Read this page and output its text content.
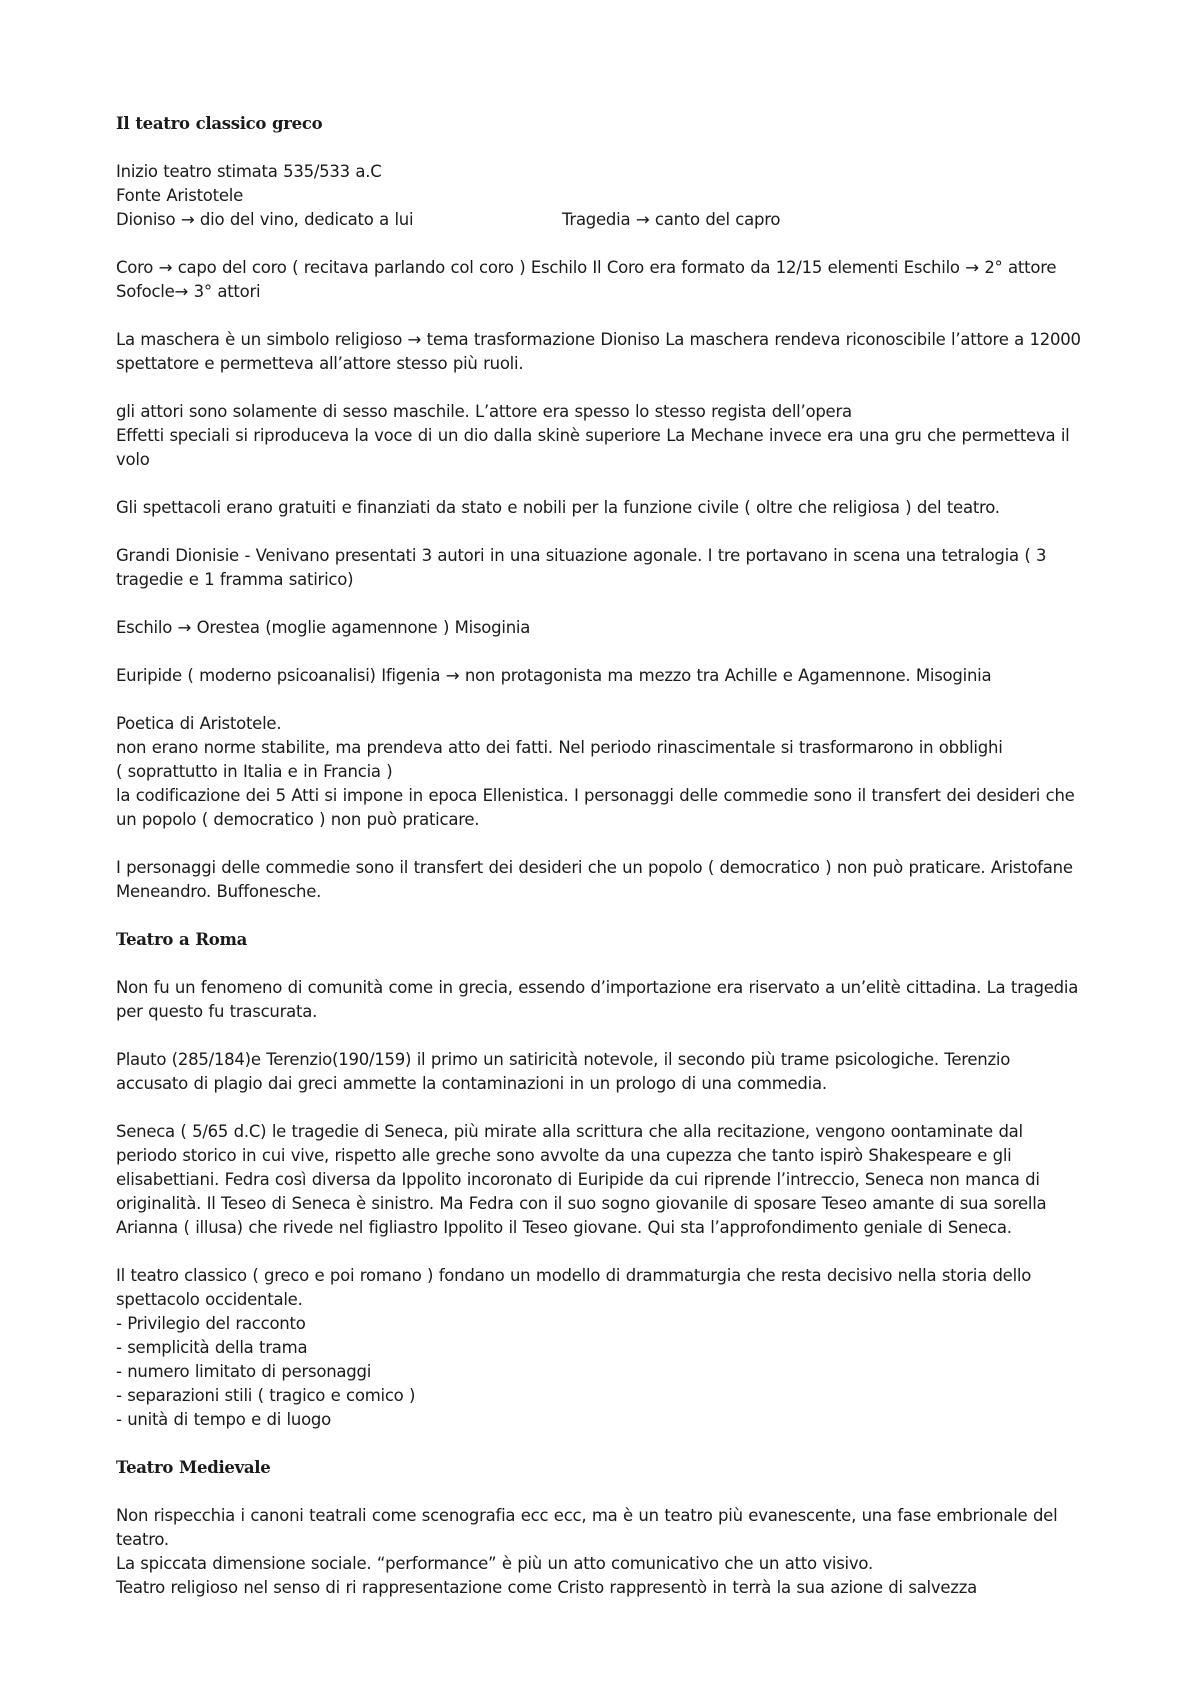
Il teatro classico greco

Inizio teatro stimata 535/533 a.C
Fonte Aristotele
Dioniso → dio del vino, dedicato a lui	Tragedia → canto del capro

Coro → capo del coro ( recitava parlando col coro ) Eschilo Il Coro era formato da 12/15 elementi Eschilo → 2° attore Sofocle→ 3° attori

La maschera è un simbolo religioso → tema trasformazione Dioniso La maschera rendeva riconoscibile l’attore a 12000 spettatore e permetteva all’attore stesso più ruoli.

gli attori sono solamente di sesso maschile. L’attore era spesso lo stesso regista dell’opera
Effetti speciali si riproduceva la voce di un dio dalla skinè superiore La Mechane invece era una gru che permetteva il volo

Gli spettacoli erano gratuiti e finanziati da stato e nobili per la funzione civile ( oltre che religiosa ) del teatro.

Grandi Dionisie - Venivano presentati 3 autori in una situazione agonale. I tre portavano in scena una tetralogia ( 3 tragedie e 1 framma satirico)

Eschilo → Orestea (moglie agamennone ) Misoginia

Euripide ( moderno psicoanalisi) Ifigenia → non protagonista ma mezzo tra Achille e Agamennone. Misoginia

Poetica di Aristotele.
non erano norme stabilite, ma prendeva atto dei fatti. Nel periodo rinascimentale si trasformarono in obblighi
( soprattutto in Italia e in Francia )
la codificazione dei 5 Atti si impone in epoca Ellenistica. I personaggi delle commedie sono il transfert dei desideri che un popolo ( democratico ) non può praticare.

I personaggi delle commedie sono il transfert dei desideri che un popolo ( democratico ) non può praticare. Aristofane Meneandro. Buffonesche.

Teatro a Roma

Non fu un fenomeno di comunità come in grecia, essendo d’importazione era riservato a un’elitè cittadina. La tragedia per questo fu trascurata.

Plauto (285/184)e Terenzio(190/159) il primo un satiricità notevole, il secondo più trame psicologiche. Terenzio accusato di plagio dai greci ammette la contaminazioni in un prologo di una commedia.

Seneca ( 5/65 d.C) le tragedie di Seneca, più mirate alla scrittura che alla recitazione, vengono oontaminate dal periodo storico in cui vive, rispetto alle greche sono avvolte da una cupezza che tanto ispirò Shakespeare e gli elisabettiani. Fedra così diversa da Ippolito incoronato di Euripide da cui riprende l’intreccio, Seneca non manca di originalità. Il Teseo di Seneca è sinistro. Ma Fedra con il suo sogno giovanile di sposare Teseo amante di sua sorella Arianna ( illusa) che rivede nel figliastro Ippolito il Teseo giovane. Qui sta l’approfondimento geniale di Seneca.

Il teatro classico ( greco e poi romano ) fondano un modello di drammaturgia che resta decisivo nella storia dello spettacolo occidentale.

- Privilegio del racconto
- semplicità della trama
- numero limitato di personaggi
- separazioni stili ( tragico e comico )
- unità di tempo e di luogo
Teatro Medievale

Non rispecchia i canoni teatrali come scenografia ecc ecc, ma è un teatro più evanescente, una fase embrionale del teatro.

La spiccata dimensione sociale. “performance” è più un atto comunicativo che un atto visivo.

Teatro religioso nel senso di ri rappresentazione come Cristo rappresentò in terrà la sua azione di salvezza
